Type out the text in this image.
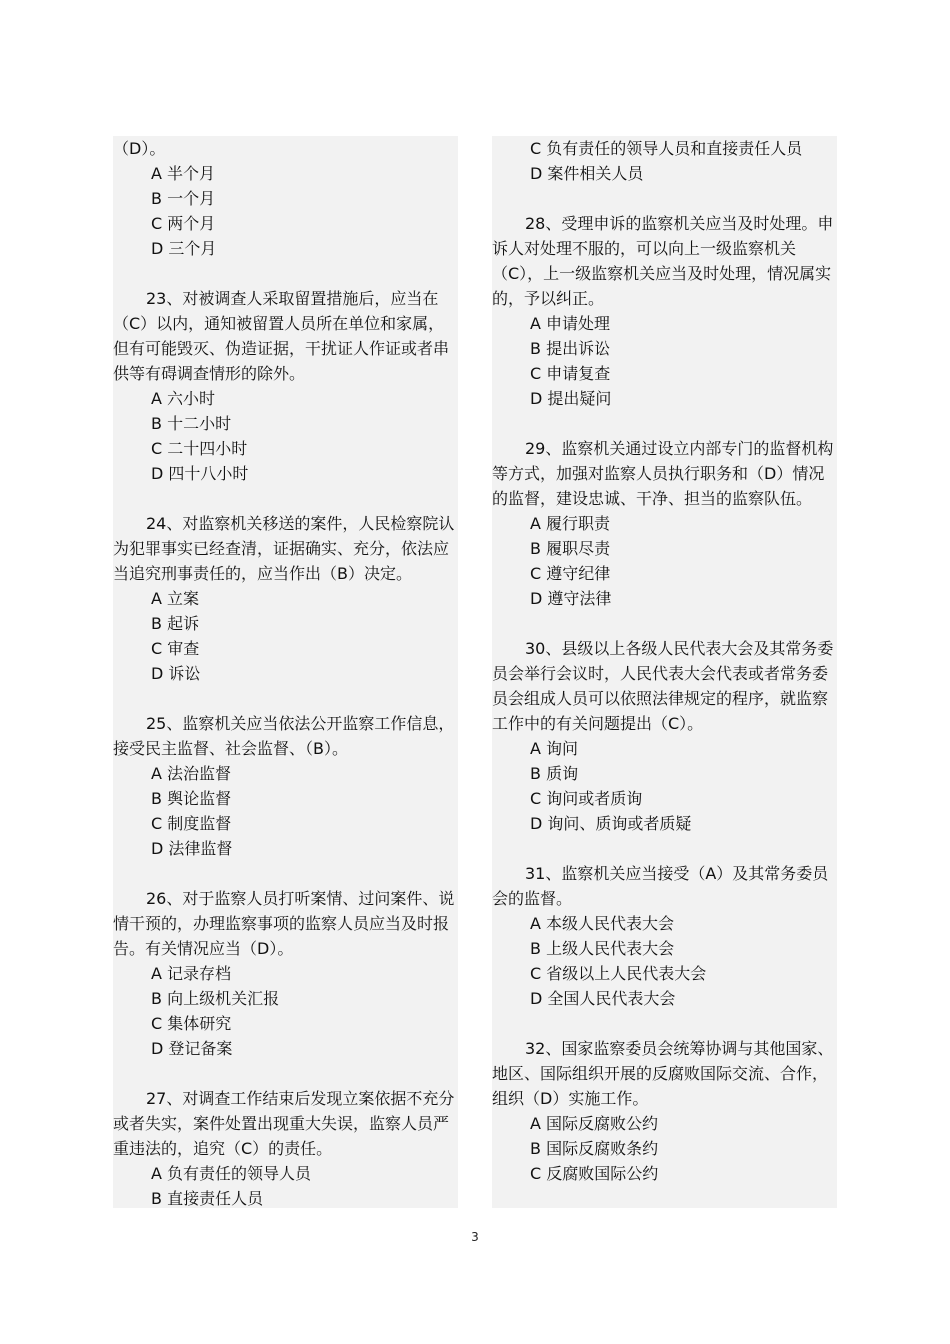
（D）。
A 半个月
B 一个月
C 两个月
D 三个月
23、对被调查人采取留置措施后，应当在（C）以内，通知被留置人员所在单位和家属，但有可能毁灭、伪造证据，干扰证人作证或者串供等有碍调查情形的除外。
A 六小时
B 十二小时
C 二十四小时
D 四十八小时
24、对监察机关移送的案件，人民检察院认为犯罪事实已经查清，证据确实、充分，依法应当追究刑事责任的，应当作出（B）决定。
A 立案
B 起诉
C 审查
D 诉讼
25、监察机关应当依法公开监察工作信息，接受民主监督、社会监督、（B）。
A 法治监督
B 舆论监督
C 制度监督
D 法律监督
26、对于监察人员打听案情、过问案件、说情干预的，办理监察事项的监察人员应当及时报告。有关情况应当（D）。
A 记录存档
B 向上级机关汇报
C 集体研究
D 登记备案
27、对调查工作结束后发现立案依据不充分或者失实，案件处置出现重大失误，监察人员严重违法的，追究（C）的责任。
A 负有责任的领导人员
B 直接责任人员
C 负有责任的领导人员和直接责任人员
D 案件相关人员
28、受理申诉的监察机关应当及时处理。申诉人对处理不服的，可以向上一级监察机关（C），上一级监察机关应当及时处理，情况属实的，予以纠正。
A 申请处理
B 提出诉讼
C 申请复查
D 提出疑问
29、监察机关通过设立内部专门的监督机构等方式，加强对监察人员执行职务和（D）情况的监督，建设忠诚、干净、担当的监察队伍。
A 履行职责
B 履职尽责
C 遵守纪律
D 遵守法律
30、县级以上各级人民代表大会及其常务委员会举行会议时，人民代表大会代表或者常务委员会组成人员可以依照法律规定的程序，就监察工作中的有关问题提出（C）。
A 询问
B 质询
C 询问或者质询
D 询问、质询或者质疑
31、监察机关应当接受（A）及其常务委员会的监督。
A 本级人民代表大会
B 上级人民代表大会
C 省级以上人民代表大会
D 全国人民代表大会
32、国家监察委员会统筹协调与其他国家、地区、国际组织开展的反腐败国际交流、合作，组织（D）实施工作。
A 国际反腐败公约
B 国际反腐败条约
C 反腐败国际公约
3
